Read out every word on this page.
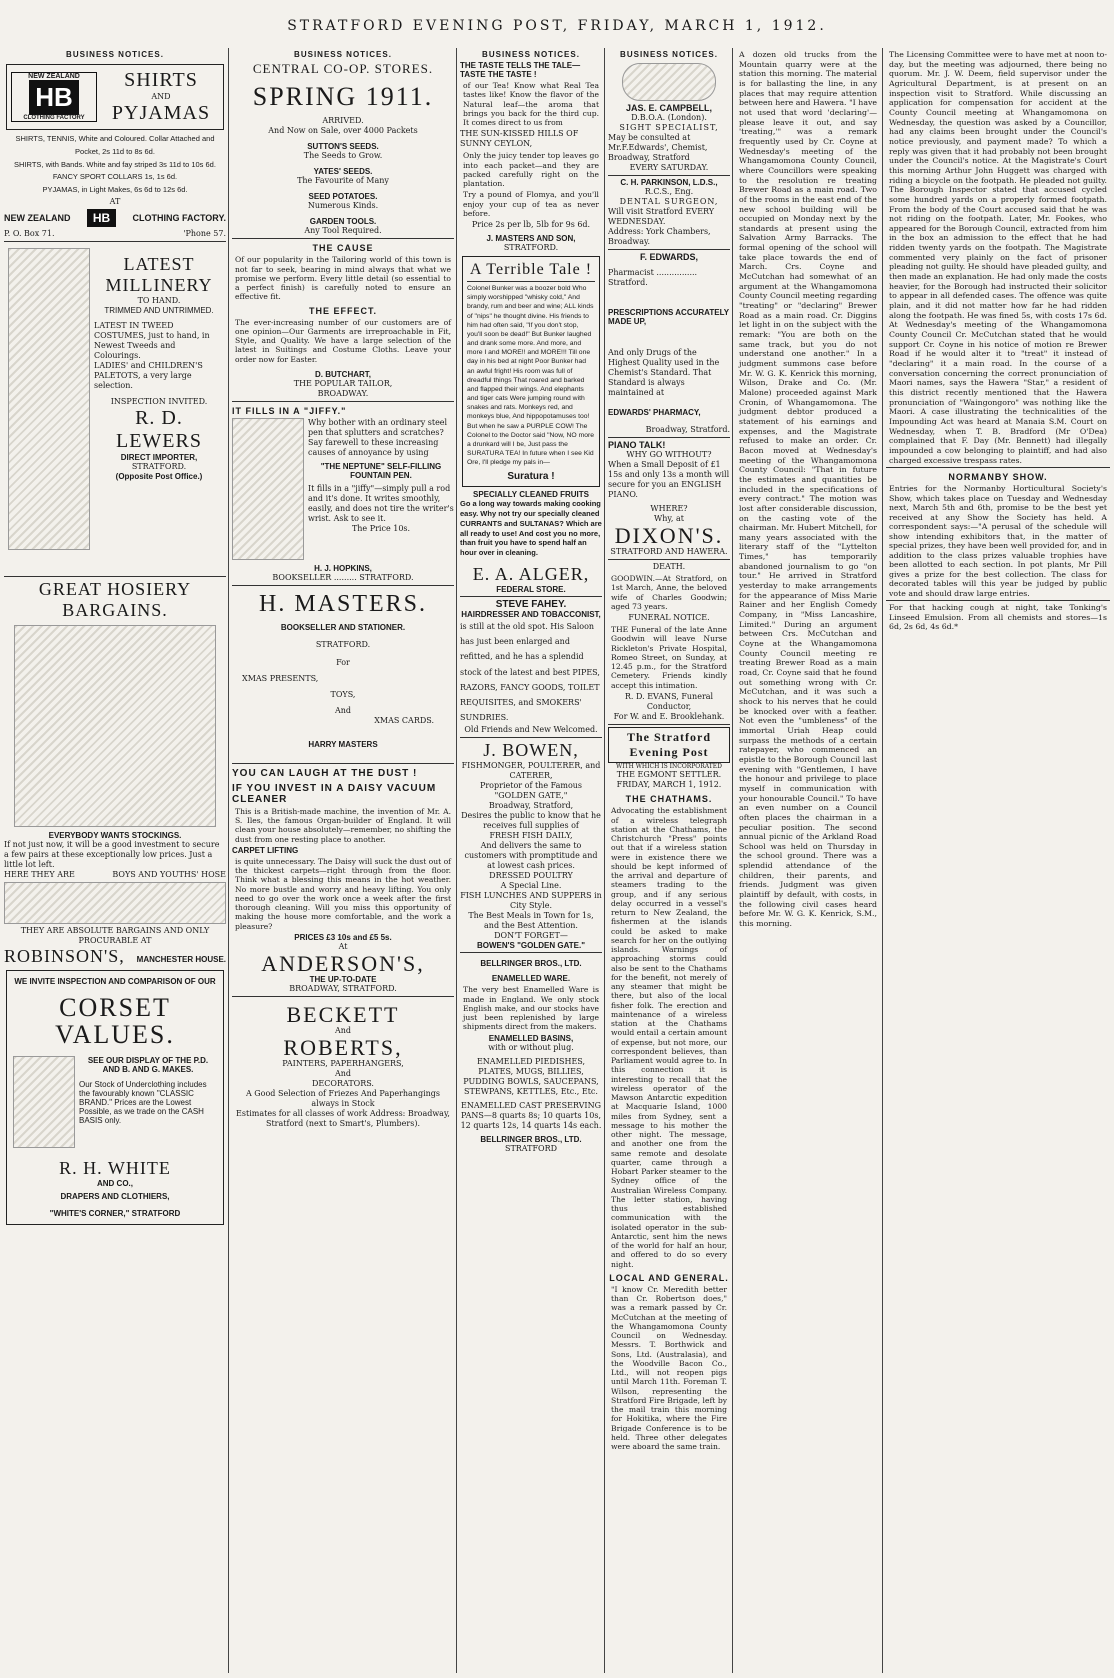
STRATFORD EVENING POST, FRIDAY, MARCH 1, 1912.
BUSINESS NOTICES.
NEW ZEALAND
HB
CLOTHING FACTORY
SHIRTS
AND
PYJAMAS
SHIRTS, TENNIS, White and Coloured. Collar Attached and Pocket, 2s 11d to 8s 6d.
SHIRTS, with Bands. White and fay striped 3s 11d to 10s 6d.
FANCY SPORT COLLARS 1s, 1s 6d.
PYJAMAS, in Light Makes, 6s 6d to 12s 6d.
AT
NEW ZEALAND	HB	CLOTHING FACTORY.
P. O. Box 71.	'Phone 57.
LATEST
MILLINERY
TO HAND.
TRIMMED AND UNTRIMMED.
LATEST IN TWEED COSTUMES, just to hand, in Newest Tweeds and Colourings.
LADIES' and CHILDREN'S PALETOTS, a very large selection.
INSPECTION INVITED.
R. D. LEWERS
DIRECT IMPORTER,
STRATFORD.
(Opposite Post Office.)
GREAT HOSIERY
BARGAINS.
EVERYBODY WANTS STOCKINGS.
If not just now, it will be a good investment to secure a few pairs at these exceptionally low prices. Just a little lot left.
HERE THEY ARE	BOYS AND YOUTHS' HOSE
THEY ARE ABSOLUTE BARGAINS AND ONLY PROCURABLE AT
ROBINSON'S, MANCHESTER HOUSE.
WE INVITE INSPECTION AND COMPARISON OF OUR
CORSET
VALUES.
SEE OUR DISPLAY OF THE P.D. AND B. AND G. MAKES.
Our Stock of Underclothing includes the favourably known "CLASSIC BRAND." Prices are the Lowest Possible, as we trade on the CASH BASIS only.
R. H. WHITE
AND CO.,
DRAPERS AND CLOTHIERS,
"WHITE'S CORNER," STRATFORD
BUSINESS NOTICES.
CENTRAL CO-OP. STORES.
SPRING 1911.
ARRIVED.
And Now on Sale, over 4000 Packets
SUTTON'S SEEDS.
The Seeds to Grow.
YATES' SEEDS.
The Favourite of Many
SEED POTATOES.
Numerous Kinds.
GARDEN TOOLS.
Any Tool Required.
THE CAUSE
Of our popularity in the Tailoring world of this town is not far to seek, bearing in mind always that what we promise we perform. Every little detail (so essential to a perfect finish) is carefully noted to ensure an effective fit.
THE EFFECT.
The ever-increasing number of our customers are of one opinion—Our Garments are irreproachable in Fit, Style, and Quality. We have a large selection of the latest in Suitings and Costume Cloths. Leave your order now for Easter.
D. BUTCHART,
THE POPULAR TAILOR,
BROADWAY.
IT FILLS IN A "JIFFY."
Why bother with an ordinary steel pen that splutters and scratches? Say farewell to these increasing causes of annoyance by using
"THE NEPTUNE" SELF-FILLING FOUNTAIN PEN.
It fills in a "jiffy"—simply pull a rod and it's done. It writes smoothly, easily, and does not tire the writer's wrist. Ask to see it.
The Price 10s.
H. J. HOPKINS,
BOOKSELLER ......... STRATFORD.
H. MASTERS.
BOOKSELLER AND STATIONER.
STRATFORD.
For
XMAS PRESENTS,
TOYS,
And
XMAS CARDS.
HARRY MASTERS
YOU CAN LAUGH AT THE DUST !
IF YOU INVEST IN A DAISY VACUUM CLEANER
This is a British-made machine, the invention of Mr. A. S. Iles, the famous Organ-builder of England. It will clean your house absolutely—remember, no shifting the dust from one resting place to another.
CARPET LIFTING
is quite unnecessary. The Daisy will suck the dust out of the thickest carpets—right through from the floor. Think what a blessing this means in the hot weather. No more bustle and worry and heavy lifting. You only need to go over the work once a week after the first thorough cleaning. Will you miss this opportunity of making the house more comfortable, and the work a pleasure?
PRICES £3 10s and £5 5s.
At
ANDERSON'S,
THE UP-TO-DATE
BROADWAY, STRATFORD.
BECKETT
And
ROBERTS,
PAINTERS, PAPERHANGERS,
And
DECORATORS.
A Good Selection of Friezes And Paperhangings always in Stock
Estimates for all classes of work Address: Broadway, Stratford (next to Smart's, Plumbers).
BUSINESS NOTICES.
THE TASTE TELLS THE TALE—TASTE THE TASTE !
of our Tea! Know what Real Tea tastes like! Know the flavor of the Natural leaf—the aroma that brings you back for the third cup. It comes direct to us from
THE SUN-KISSED HILLS OF SUNNY CEYLON,
Only the juicy tender top leaves go into each packet—and they are packed carefully right on the plantation.
Try a pound of Flomya, and you'll enjoy your cup of tea as never before.
Price 2s per lb, 5lb for 9s 6d.
J. MASTERS AND SON,
STRATFORD.
A Terrible Tale !
Colonel Bunker was a boozer bold Who simply worshipped "whisky cold," And brandy, rum and beer and wine; ALL kinds of "nips" he thought divine. His friends to him had often said, "If you don't stop, you'll soon be dead!" But Bunker laughed and drank some more. And more, and more I and MORE!! and MORE!!! Till one day in his bed at night Poor Bunker had an awful fright! His room was full of dreadful things That roared and barked and flapped their wings. And elephants and tiger cats Were jumping round with snakes and rats. Monkeys red, and monkeys blue, And hippopotamuses too! But when he saw a PURPLE COW! The Colonel to the Doctor said "Now, NO more a drunkard will I be, Just pass the SURATURA TEA! In future when I see Kid Ore, I'll pledge my pals in—
Suratura !
SPECIALLY CLEANED FRUITS
Go a long way towards making cooking easy. Why not try our specially cleaned CURRANTS and SULTANAS? Which are all ready to use! And cost you no more, than fruit you have to spend half an hour over in cleaning.
E. A. ALGER,
FEDERAL STORE.
STEVE FAHEY.
HAIRDRESSER AND TOBACCONIST,
is still at the old spot. His Saloon has just been enlarged and refitted, and he has a splendid stock of the latest and best PIPES, RAZORS, FANCY GOODS, TOILET REQUISITES, and SMOKERS' SUNDRIES.
Old Friends and New Welcomed.
J. BOWEN,
FISHMONGER, POULTERER, and CATERER,
Proprietor of the Famous
"GOLDEN GATE,"
Broadway, Stratford,
Desires the public to know that he receives full supplies of
FRESH FISH DAILY,
And delivers the same to customers with promptitude and at lowest cash prices.
DRESSED POULTRY
A Special Line.
FISH LUNCHES AND SUPPERS in City Style.
The Best Meals in Town for 1s, and the Best Attention.
DON'T FORGET—
BOWEN'S "GOLDEN GATE."
BELLRINGER BROS., LTD.
ENAMELLED WARE.
The very best Enamelled Ware is made in England. We only stock English make, and our stocks have just been replenished by large shipments direct from the makers.
ENAMELLED BASINS,
with or without plug.
ENAMELLED PIEDISHES, PLATES, MUGS, BILLIES, PUDDING BOWLS, SAUCEPANS, STEWPANS, KETTLES, Etc., Etc.
ENAMELLED CAST PRESERVING PANS—8 quarts 8s; 10 quarts 10s, 12 quarts 12s, 14 quarts 14s each.
BELLRINGER BROS., LTD.
STRATFORD
BUSINESS NOTICES.
JAS. E. CAMPBELL,
D.B.O.A. (London).
SIGHT SPECIALIST,
May be consulted at Mr.F.Edwards', Chemist, Broadway, Stratford
EVERY SATURDAY.
C. H. PARKINSON, L.D.S.,
R.C.S., Eng.
DENTAL SURGEON,
Will visit Stratford EVERY WEDNESDAY.
Address: York Chambers, Broadway.
F. EDWARDS,
Pharmacist ................ Stratford.
PRESCRIPTIONS ACCURATELY MADE UP,
And only Drugs of the Highest Quality used in the Chemist's Standard. That Standard is always maintained at
EDWARDS' PHARMACY,
Broadway, Stratford.
PIANO TALK!
WHY GO WITHOUT?
When a Small Deposit of £1 15s and only 13s a month will secure for you an ENGLISH PIANO.
WHERE?
Why, at
DIXON'S.
STRATFORD AND HAWERA.
DEATH.
GOODWIN.—At Stratford, on 1st March, Anne, the beloved wife of Charles Goodwin; aged 73 years.
FUNERAL NOTICE.
THE Funeral of the late Anne Goodwin will leave Nurse Rickleton's Private Hospital, Romeo Street, on Sunday, at 12.45 p.m., for the Stratford Cemetery. Friends kindly accept this intimation.
R. D. EVANS, Funeral Conductor,
For W. and E. Brooklehank.
The Stratford Evening Post
WITH WHICH IS INCORPORATED
THE EGMONT SETTLER.
FRIDAY, MARCH 1, 1912.
THE CHATHAMS.
Advocating the establishment of a wireless telegraph station at the Chathams, the Christchurch "Press" points out that if a wireless station were in existence there we should be kept informed of the arrival and departure of steamers trading to the group, and if any serious delay occurred in a vessel's return to New Zealand, the fishermen at the islands could be asked to make search for her on the outlying islands. Warnings of approaching storms could also be sent to the Chathams for the benefit, not merely of any steamer that might be there, but also of the local fisher folk. The erection and maintenance of a wireless station at the Chathams would entail a certain amount of expense, but not more, our correspondent believes, than Parliament would agree to. In this connection it is interesting to recall that the wireless operator of the Mawson Antarctic expedition at Macquarie Island, 1000 miles from Sydney, sent a message to his mother the other night. The message, and another one from the same remote and desolate quarter, came through a Hobart Parker steamer to the Sydney office of the Australian Wireless Company. The letter station, having thus established communication with the isolated operator in the sub-Antarctic, sent him the news of the world for half an hour, and offered to do so every night.
LOCAL AND GENERAL.
"I know Cr. Meredith better than Cr. Robertson does," was a remark passed by Cr. McCutchan at the meeting of the Whangamomona County Council on Wednesday. Messrs. T. Borthwick and Sons, Ltd. (Australasia), and the Woodville Bacon Co., Ltd., will not reopen pigs until March 11th. Foreman T. Wilson, representing the Stratford Fire Brigade, left by the mail train this morning for Hokitika, where the Fire Brigade Conference is to be held. Three other delegates were aboard the same train.
A dozen old trucks from the Mountain quarry were at the station this morning. The material is for ballasting the line, in any places that may require attention between here and Hawera. "I have not used that word 'declaring'—please leave it out, and say 'treating,'" was a remark frequently used by Cr. Coyne at Wednesday's meeting of the Whangamomona County Council, where Councillors were speaking to the resolution re treating Brewer Road as a main road. Two of the rooms in the east end of the new school building will be occupied on Monday next by the standards at present using the Salvation Army Barracks. The formal opening of the school will take place towards the end of March. Crs. Coyne and McCutchan had somewhat of an argument at the Whangamomona County Council meeting regarding "treating" or "declaring" Brewer Road as a main road. Cr. Diggins let light in on the subject with the remark: "You are both on the same track, but you do not understand one another." In a judgment summons case before Mr. W. G. K. Kenrick this morning, Wilson, Drake and Co. (Mr. Malone) proceeded against Mark Cronin, of Whangamomona. The judgment debtor produced a statement of his earnings and expenses, and the Magistrate refused to make an order. Cr. Bacon moved at Wednesday's meeting of the Whangamomona County Council: "That in future the estimates and quantities be included in the specifications of every contract." The motion was lost after considerable discussion, on the casting vote of the chairman. Mr. Hubert Mitchell, for many years associated with the literary staff of the "Lyttelton Times," has temporarily abandoned journalism to go "on tour." He arrived in Stratford yesterday to make arrangements for the appearance of Miss Marie Rainer and her English Comedy Company, in "Miss Lancashire, Limited." During an argument between Crs. McCutchan and Coyne at the Whangamomona County Council meeting re treating Brewer Road as a main road, Cr. Coyne said that he found out something wrong with Cr. McCutchan, and it was such a shock to his nerves that he could be knocked over with a feather. Not even the "umbleness" of the immortal Uriah Heap could surpass the methods of a certain ratepayer, who commenced an epistle to the Borough Council last evening with "Gentlemen, I have the honour and privilege to place myself in communication with your honourable Council." To have an even number on a Council often places the chairman in a peculiar position. The second annual picnic of the Arkland Road School was held on Thursday in the school ground. There was a splendid attendance of the children, their parents, and friends. Judgment was given plaintiff by default, with costs, in the following civil cases heard before Mr. W. G. K. Kenrick, S.M., this morning.
The Licensing Committee were to have met at noon to-day, but the meeting was adjourned, there being no quorum. Mr. J. W. Deem, field supervisor under the Agricultural Department, is at present on an inspection visit to Stratford. While discussing an application for compensation for accident at the County Council meeting at Whangamomona on Wednesday, the question was asked by a Councillor, had any claims been brought under the Council's notice previously, and payment made? To which a reply was given that it had probably not been brought under the Council's notice. At the Magistrate's Court this morning Arthur John Huggett was charged with riding a bicycle on the footpath. He pleaded not guilty. The Borough Inspector stated that accused cycled some hundred yards on a properly formed footpath. From the body of the Court accused said that he was not riding on the footpath. Later, Mr. Fookes, who appeared for the Borough Council, extracted from him in the box an admission to the effect that he had ridden twenty yards on the footpath. The Magistrate commented very plainly on the fact of prisoner pleading not guilty. He should have pleaded guilty, and then made an explanation. He had only made the costs heavier, for the Borough had instructed their solicitor to appear in all defended cases. The offence was quite plain, and it did not matter how far he had ridden along the footpath. He was fined 5s, with costs 17s 6d. At Wednesday's meeting of the Whangamomona County Council Cr. McCutchan stated that he would support Cr. Coyne in his notice of motion re Brewer Road if he would alter it to "treat" it instead of "declaring" it a main road. In the course of a conversation concerning the correct pronunciation of Maori names, says the Hawera "Star," a resident of this district recently mentioned that the Hawera pronunciation of "Waingongoro" was nothing like the Maori. A case illustrating the technicalities of the Impounding Act was heard at Manaia S.M. Court on Wednesday, when T. B. Bradford (Mr O'Dea) complained that F. Day (Mr. Bennett) had illegally impounded a cow belonging to plaintiff, and had also charged excessive trespass rates.
NORMANBY SHOW.
Entries for the Normanby Horticultural Society's Show, which takes place on Tuesday and Wednesday next, March 5th and 6th, promise to be the best yet received at any Show the Society has held. A correspondent says:—"A perusal of the schedule will show intending exhibitors that, in the matter of special prizes, they have been well provided for, and in addition to the class prizes valuable trophies have been allotted to each section. In pot plants, Mr Pill gives a prize for the best collection. The class for decorated tables will this year be judged by public vote and should draw large entries.
For that hacking cough at night, take Tonking's Linseed Emulsion. From all chemists and stores—1s 6d, 2s 6d, 4s 6d.*
